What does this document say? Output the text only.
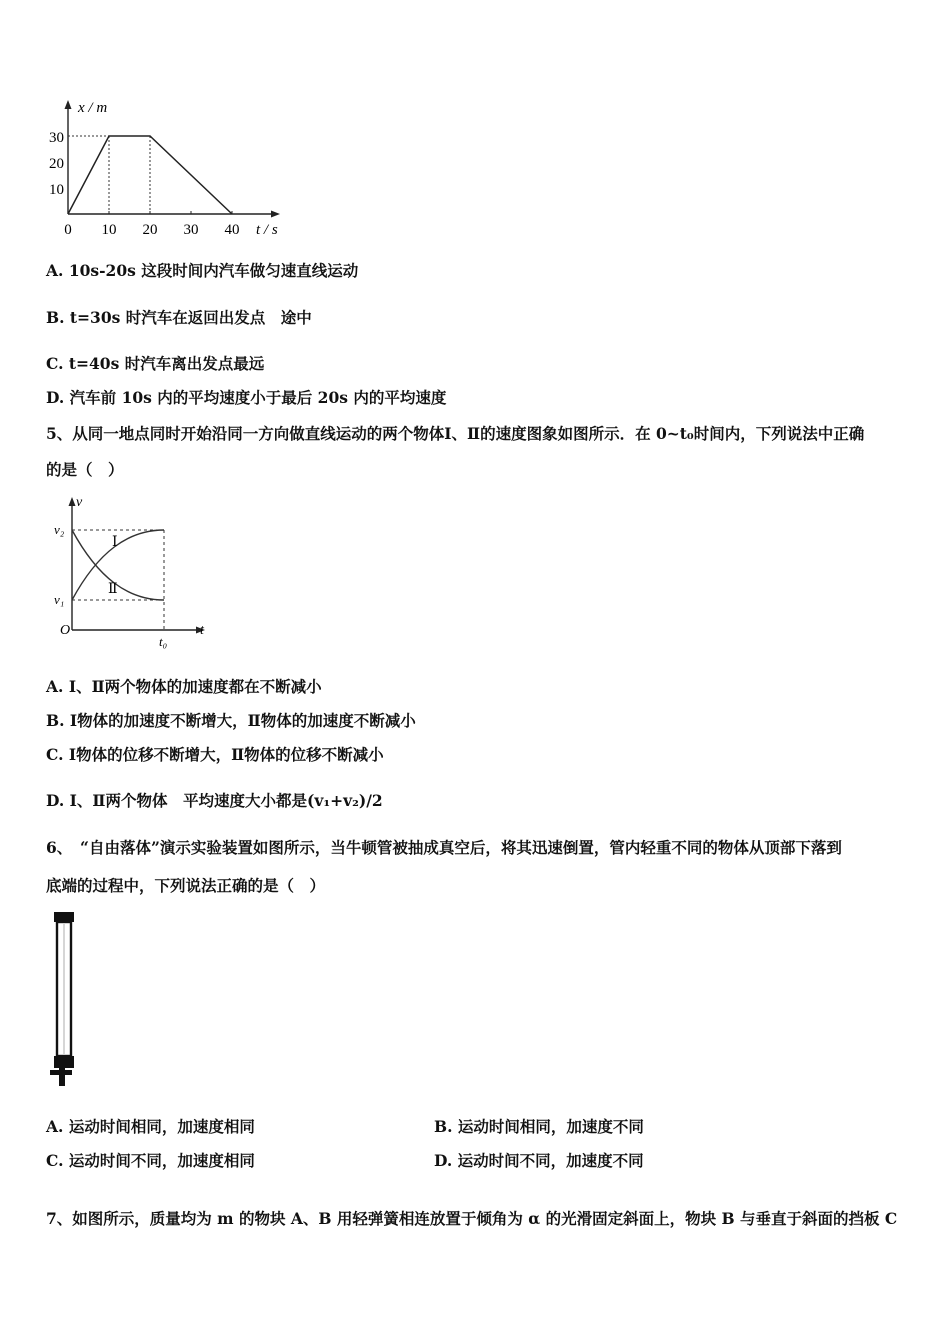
0 10 20 30 40
10
20
30
x / m
t / s
A. 10s-20s 这段时间内汽车做匀速直线运动
B. t=30s 时汽车在返回出发点　途中
C. t=40s 时汽车离出发点最远
D. 汽车前 10s 内的平均速度小于最后 20s 内的平均速度
5、从同一地点同时开始沿同一方向做直线运动的两个物体Ⅰ、Ⅱ的速度图象如图所示．在 0~t₀时间内，下列说法中正确
的是（　）
v
t
O
v₂
v₁
t₀
Ⅰ
Ⅱ
A. Ⅰ、Ⅱ两个物体的加速度都在不断减小
B. Ⅰ物体的加速度不断增大，Ⅱ物体的加速度不断减小
C. Ⅰ物体的位移不断增大，Ⅱ物体的位移不断减小
D. Ⅰ、Ⅱ两个物体　平均速度大小都是(v₁+v₂)/2
6、　“自由落体”演示实验装置如图所示，当牛顿管被抽成真空后，将其迅速倒置，管内轻重不同的物体从顶部下落到
底端的过程中，下列说法正确的是（　）
A. 运动时间相同，加速度相同	B. 运动时间相同，加速度不同
C. 运动时间不同，加速度相同	D. 运动时间不同，加速度不同
7、如图所示，质量均为 m 的物块 A、B 用轻弹簧相连放置于倾角为 α 的光滑固定斜面上，物块 B 与垂直于斜面的挡板 C
